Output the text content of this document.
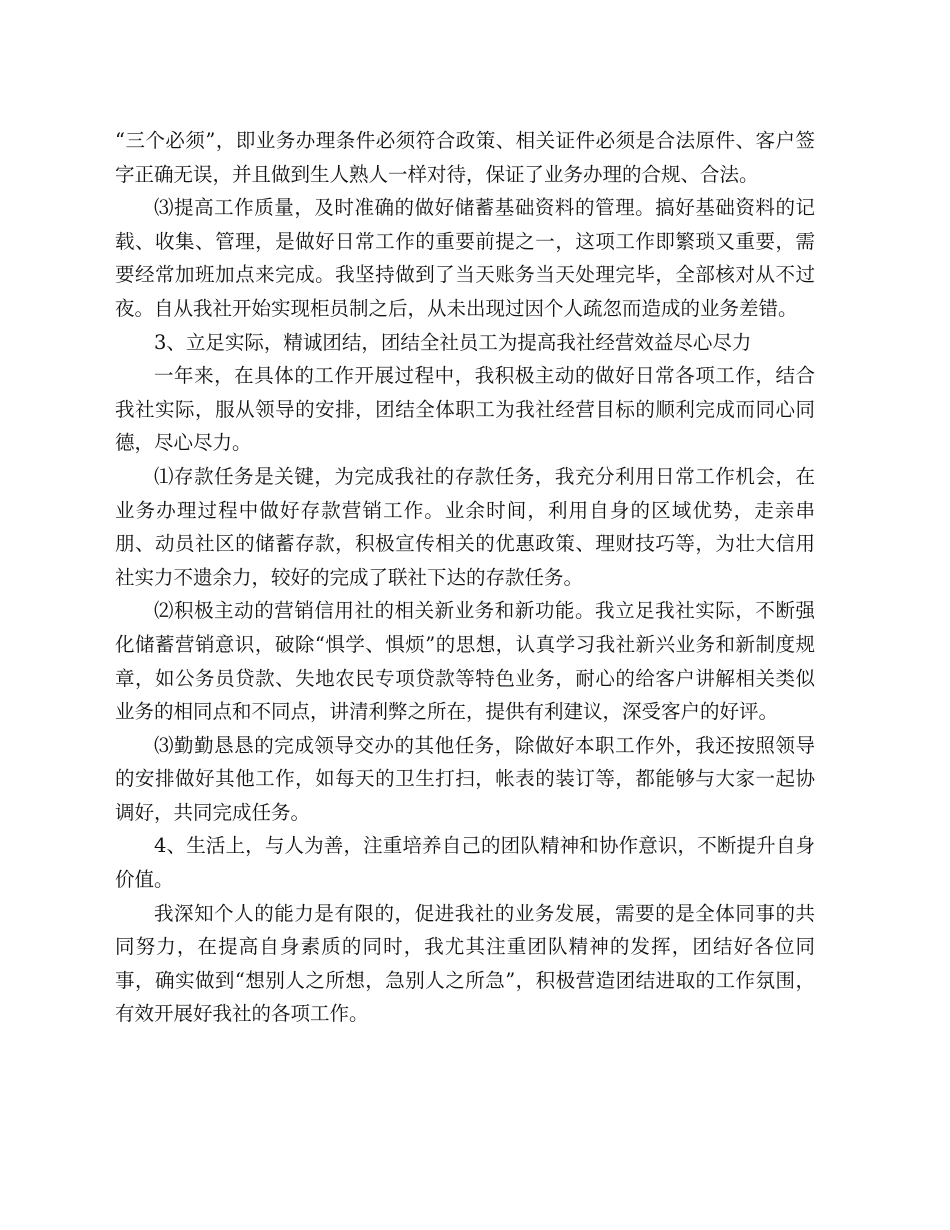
“三个必须”，即业务办理条件必须符合政策、相关证件必须是合法原件、客户签字正确无误，并且做到生人熟人一样对待，保证了业务办理的合规、合法。

⑶提高工作质量，及时准确的做好储蓄基础资料的管理。搞好基础资料的记载、收集、管理，是做好日常工作的重要前提之一，这项工作即繁琐又重要，需要经常加班加点来完成。我坚持做到了当天账务当天处理完毕，全部核对从不过夜。自从我社开始实现柜员制之后，从未出现过因个人疏忽而造成的业务差错。

3、立足实际，精诚团结，团结全社员工为提高我社经营效益尽心尽力

一年来，在具体的工作开展过程中，我积极主动的做好日常各项工作，结合我社实际，服从领导的安排，团结全体职工为我社经营目标的顺利完成而同心同德，尽心尽力。

⑴存款任务是关键，为完成我社的存款任务，我充分利用日常工作机会，在业务办理过程中做好存款营销工作。业余时间，利用自身的区域优势，走亲串朋、动员社区的储蓄存款，积极宣传相关的优惠政策、理财技巧等，为壮大信用社实力不遗余力，较好的完成了联社下达的存款任务。

⑵积极主动的营销信用社的相关新业务和新功能。我立足我社实际，不断强化储蓄营销意识，破除“惧学、惧烦”的思想，认真学习我社新兴业务和新制度规章，如公务员贷款、失地农民专项贷款等特色业务，耐心的给客户讲解相关类似业务的相同点和不同点，讲清利弊之所在，提供有利建议，深受客户的好评。

⑶勤勤恳恳的完成领导交办的其他任务，除做好本职工作外，我还按照领导的安排做好其他工作，如每天的卫生打扫，帐表的装订等，都能够与大家一起协调好，共同完成任务。

4、生活上，与人为善，注重培养自己的团队精神和协作意识，不断提升自身价值。

我深知个人的能力是有限的，促进我社的业务发展，需要的是全体同事的共同努力，在提高自身素质的同时，我尤其注重团队精神的发挥，团结好各位同事，确实做到“想别人之所想，急别人之所急”，积极营造团结进取的工作氛围，有效开展好我社的各项工作。
